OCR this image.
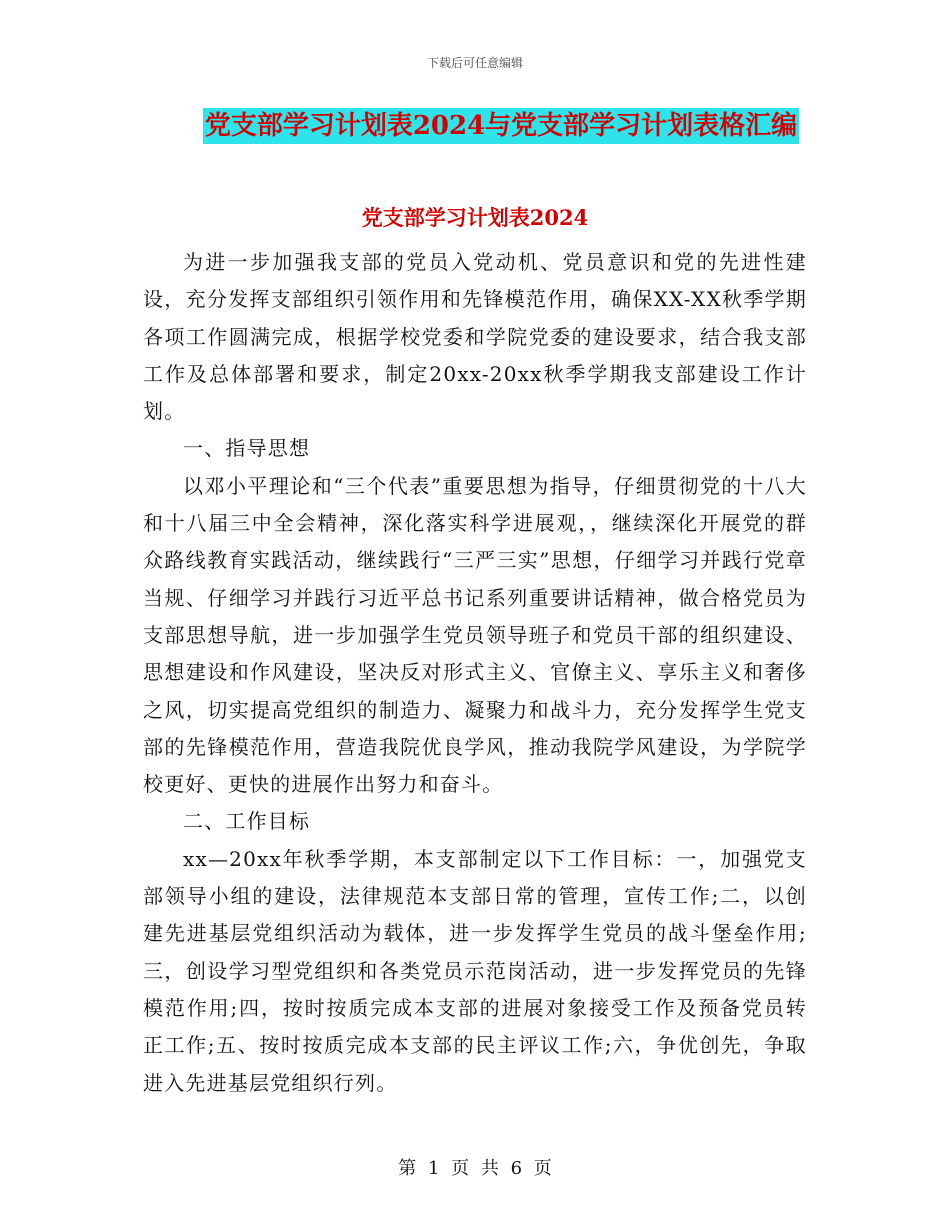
下载后可任意编辑
党支部学习计划表2024与党支部学习计划表格汇编
党支部学习计划表2024

为进一步加强我支部的党员入党动机、党员意识和党的先进性建设，充分发挥支部组织引领作用和先锋模范作用，确保XX-XX秋季学期各项工作圆满完成，根据学校党委和学院党委的建设要求，结合我支部工作及总体部署和要求，制定20xx-20xx秋季学期我支部建设工作计划。

一、指导思想

以邓小平理论和“三个代表”重要思想为指导，仔细贯彻党的十八大和十八届三中全会精神，深化落实科学进展观，，继续深化开展党的群众路线教育实践活动，继续践行“三严三实”思想，仔细学习并践行党章当规、仔细学习并践行习近平总书记系列重要讲话精神，做合格党员为支部思想导航，进一步加强学生党员领导班子和党员干部的组织建设、思想建设和作风建设，坚决反对形式主义、官僚主义、享乐主义和奢侈之风，切实提高党组织的制造力、凝聚力和战斗力，充分发挥学生党支部的先锋模范作用，营造我院优良学风，推动我院学风建设，为学院学校更好、更快的进展作出努力和奋斗。

二、工作目标

xx—20xx年秋季学期，本支部制定以下工作目标：一，加强党支部领导小组的建设，法律规范本支部日常的管理，宣传工作;二，以创建先进基层党组织活动为载体，进一步发挥学生党员的战斗堡垒作用;三，创设学习型党组织和各类党员示范岗活动，进一步发挥党员的先锋模范作用;四，按时按质完成本支部的进展对象接受工作及预备党员转正工作;五、按时按质完成本支部的民主评议工作;六，争优创先，争取进入先进基层党组织行列。

第 1 页 共 6 页
